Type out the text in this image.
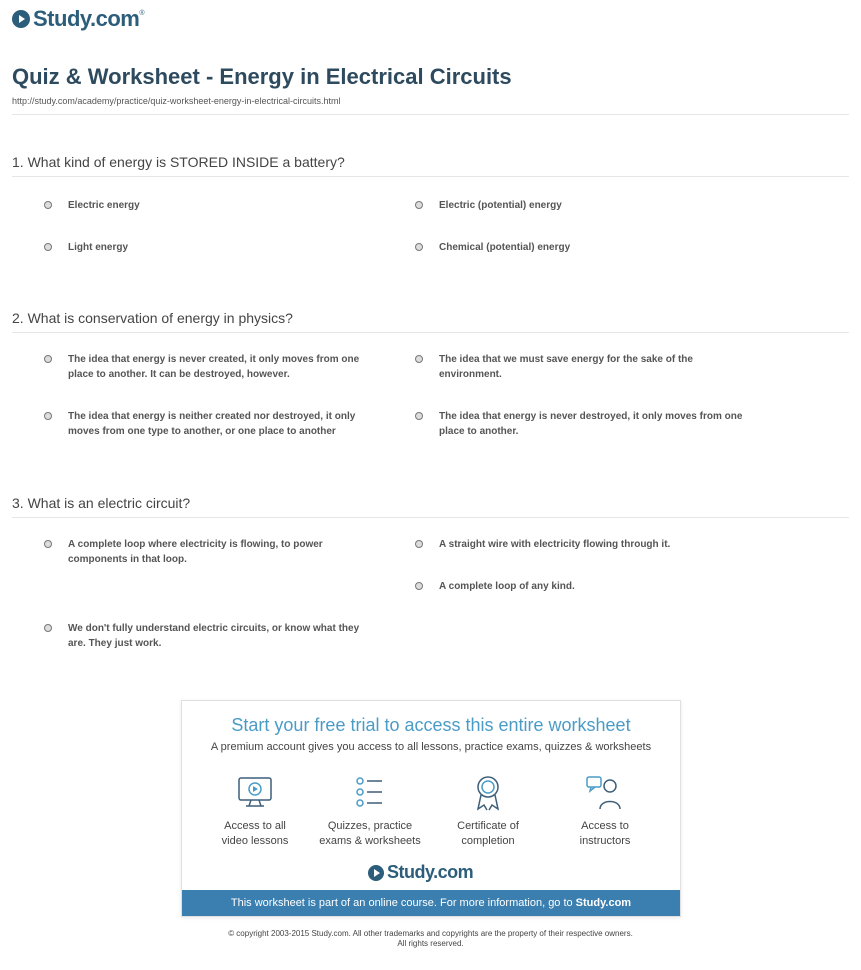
Study.com ®
Quiz & Worksheet - Energy in Electrical Circuits
http://study.com/academy/practice/quiz-worksheet-energy-in-electrical-circuits.html
1. What kind of energy is STORED INSIDE a battery?
Electric energy	Electric (potential) energy
Light energy	Chemical (potential) energy
2. What is conservation of energy in physics?
The idea that energy is never created, it only moves from one place to another. It can be destroyed, however.
The idea that we must save energy for the sake of the environment.
The idea that energy is neither created nor destroyed, it only moves from one type to another, or one place to another
The idea that energy is never destroyed, it only moves from one place to another.
3. What is an electric circuit?
A complete loop where electricity is flowing, to power components in that loop.
A straight wire with electricity flowing through it.
A complete loop of any kind.
We don't fully understand electric circuits, or know what they are. They just work.
Start your free trial to access this entire worksheet
A premium account gives you access to all lessons, practice exams, quizzes & worksheets
Access to all
video lessons
Quizzes, practice
exams & worksheets
Certificate of
completion
Access to
instructors
Study.com
This worksheet is part of an online course. For more information, go to Study.com
© copyright 2003-2015 Study.com. All other trademarks and copyrights are the property of their respective owners.
All rights reserved.
